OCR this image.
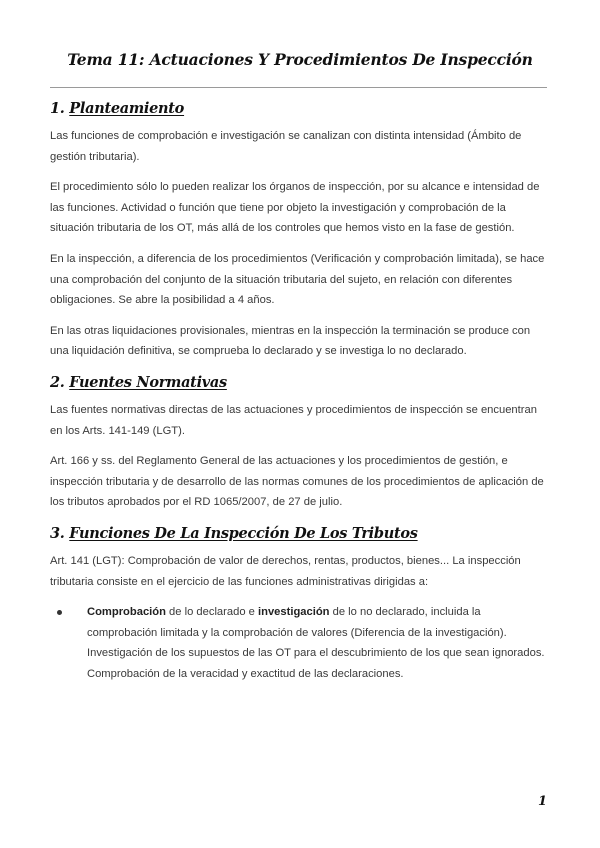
Tema 11: Actuaciones Y Procedimientos De Inspección
1. Planteamiento

Las funciones de comprobación e investigación se canalizan con distinta intensidad (Ámbito de gestión tributaria).

El procedimiento sólo lo pueden realizar los órganos de inspección, por su alcance e intensidad de las funciones. Actividad o función que tiene por objeto la investigación y comprobación de la situación tributaria de los OT, más allá de los controles que hemos visto en la fase de gestión.

En la inspección, a diferencia de los procedimientos (Verificación y comprobación limitada), se hace una comprobación del conjunto de la situación tributaria del sujeto, en relación con diferentes obligaciones. Se abre la posibilidad a 4 años.

En las otras liquidaciones provisionales, mientras en la inspección la terminación se produce con una liquidación definitiva, se comprueba lo declarado y se investiga lo no declarado.

2. Fuentes Normativas

Las fuentes normativas directas de las actuaciones y procedimientos de inspección se encuentran en los Arts. 141-149 (LGT).

Art. 166 y ss. del Reglamento General de las actuaciones y los procedimientos de gestión, e inspección tributaria y de desarrollo de las normas comunes de los procedimientos de aplicación de los tributos aprobados por el RD 1065/2007, de 27 de julio.

3. Funciones De La Inspección De Los Tributos

Art. 141 (LGT): Comprobación de valor de derechos, rentas, productos, bienes... La inspección tributaria consiste en el ejercicio de las funciones administrativas dirigidas a:

Comprobación de lo declarado e investigación de lo no declarado, incluida la comprobación limitada y la comprobación de valores (Diferencia de la investigación). Investigación de los supuestos de las OT para el descubrimiento de los que sean ignorados. Comprobación de la veracidad y exactitud de las declaraciones.
1
